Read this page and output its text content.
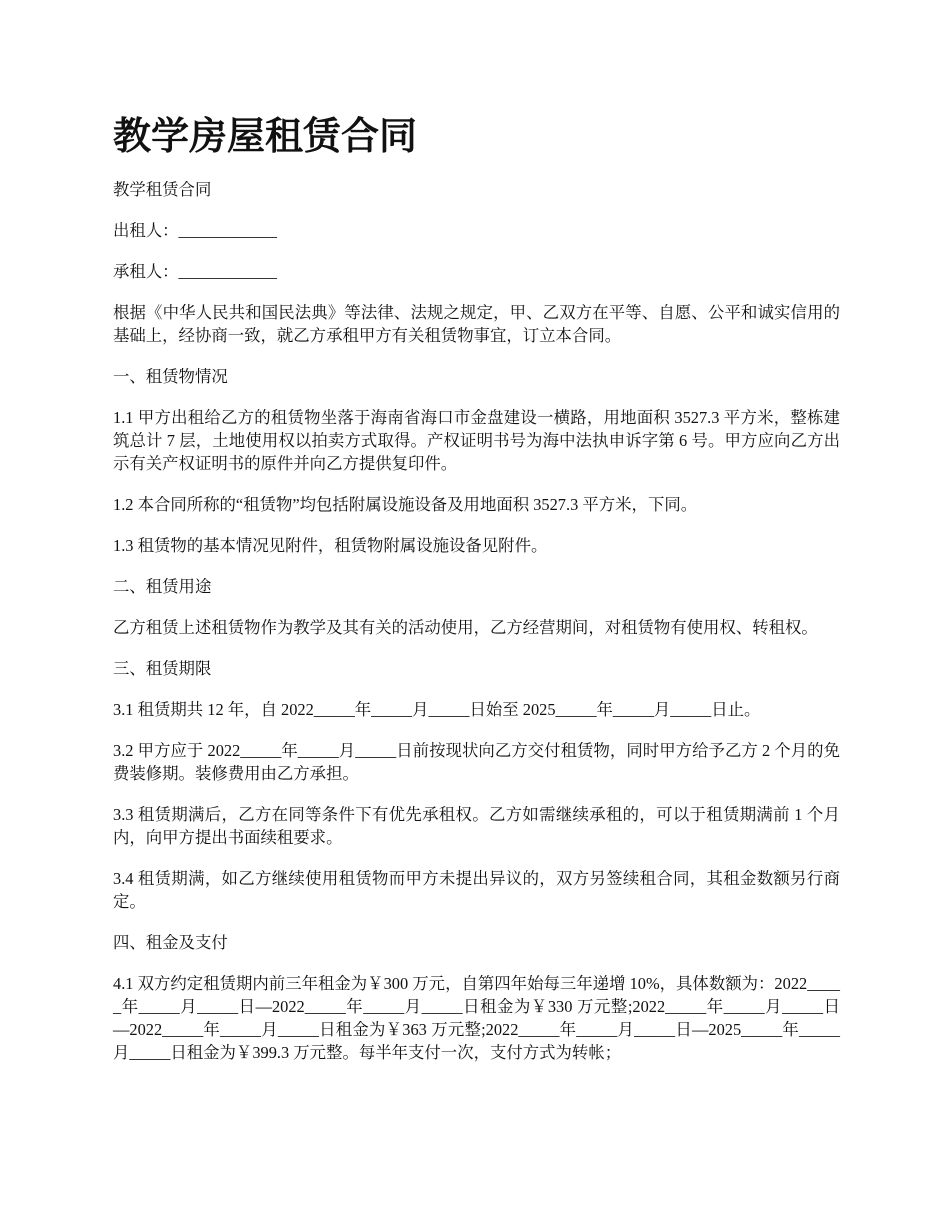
教学房屋租赁合同

教学租赁合同

出租人：____________

承租人：____________

根据《中华人民共和国民法典》等法律、法规之规定，甲、乙双方在平等、自愿、公平和诚实信用的基础上，经协商一致，就乙方承租甲方有关租赁物事宜，订立本合同。

一、租赁物情况

1.1 甲方出租给乙方的租赁物坐落于海南省海口市金盘建设一横路，用地面积 3527.3 平方米，整栋建筑总计 7 层，土地使用权以拍卖方式取得。产权证明书号为海中法执申诉字第 6 号。甲方应向乙方出示有关产权证明书的原件并向乙方提供复印件。

1.2 本合同所称的“租赁物”均包括附属设施设备及用地面积 3527.3 平方米，下同。

1.3 租赁物的基本情况见附件，租赁物附属设施设备见附件。

二、租赁用途

乙方租赁上述租赁物作为教学及其有关的活动使用，乙方经营期间，对租赁物有使用权、转租权。

三、租赁期限

3.1 租赁期共 12 年，自 2022_____年_____月_____日始至 2025_____年_____月_____日止。

3.2 甲方应于 2022_____年_____月_____日前按现状向乙方交付租赁物，同时甲方给予乙方 2 个月的免费装修期。装修费用由乙方承担。

3.3 租赁期满后，乙方在同等条件下有优先承租权。乙方如需继续承租的，可以于租赁期满前 1 个月内，向甲方提出书面续租要求。

3.4 租赁期满，如乙方继续使用租赁物而甲方未提出异议的，双方另签续租合同，其租金数额另行商定。

四、租金及支付

4.1 双方约定租赁期内前三年租金为￥300 万元，自第四年始每三年递增 10%，具体数额为：2022_____年_____月_____日—2022_____年_____月_____日租金为￥330 万元整;2022_____年_____月_____日—2022_____年_____月_____日租金为￥363 万元整;2022_____年_____月_____日—2025_____年_____月_____日租金为￥399.3 万元整。每半年支付一次，支付方式为转帐；
